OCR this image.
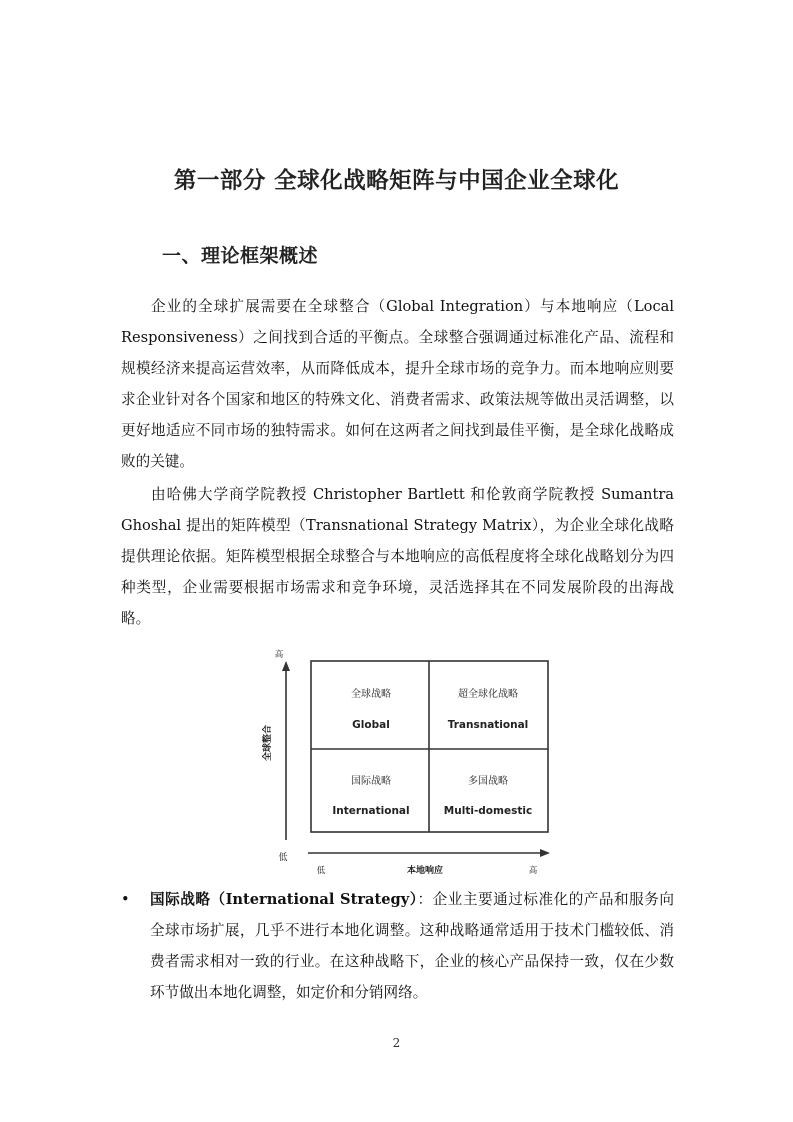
第一部分 全球化战略矩阵与中国企业全球化
一、理论框架概述

企业的全球扩展需要在全球整合（Global Integration）与本地响应（Local Responsiveness）之间找到合适的平衡点。全球整合强调通过标准化产品、流程和规模经济来提高运营效率，从而降低成本，提升全球市场的竞争力。而本地响应则要求企业针对各个国家和地区的特殊文化、消费者需求、政策法规等做出灵活调整，以更好地适应不同市场的独特需求。如何在这两者之间找到最佳平衡，是全球化战略成败的关键。

由哈佛大学商学院教授 Christopher Bartlett 和伦敦商学院教授 Sumantra Ghoshal 提出的矩阵模型（Transnational Strategy Matrix），为企业全球化战略提供理论依据。矩阵模型根据全球整合与本地响应的高低程度将全球化战略划分为四种类型，企业需要根据市场需求和竞争环境，灵活选择其在不同发展阶段的出海战略。

高
低
全球整合
低	本地响应	高
全球战略
Global
超全球化战略
Transnational
国际战略
International
多国战略
Multi-domestic
• 国际战略（International Strategy）：企业主要通过标准化的产品和服务向全球市场扩展，几乎不进行本地化调整。这种战略通常适用于技术门槛较低、消费者需求相对一致的行业。在这种战略下，企业的核心产品保持一致，仅在少数环节做出本地化调整，如定价和分销网络。

2
